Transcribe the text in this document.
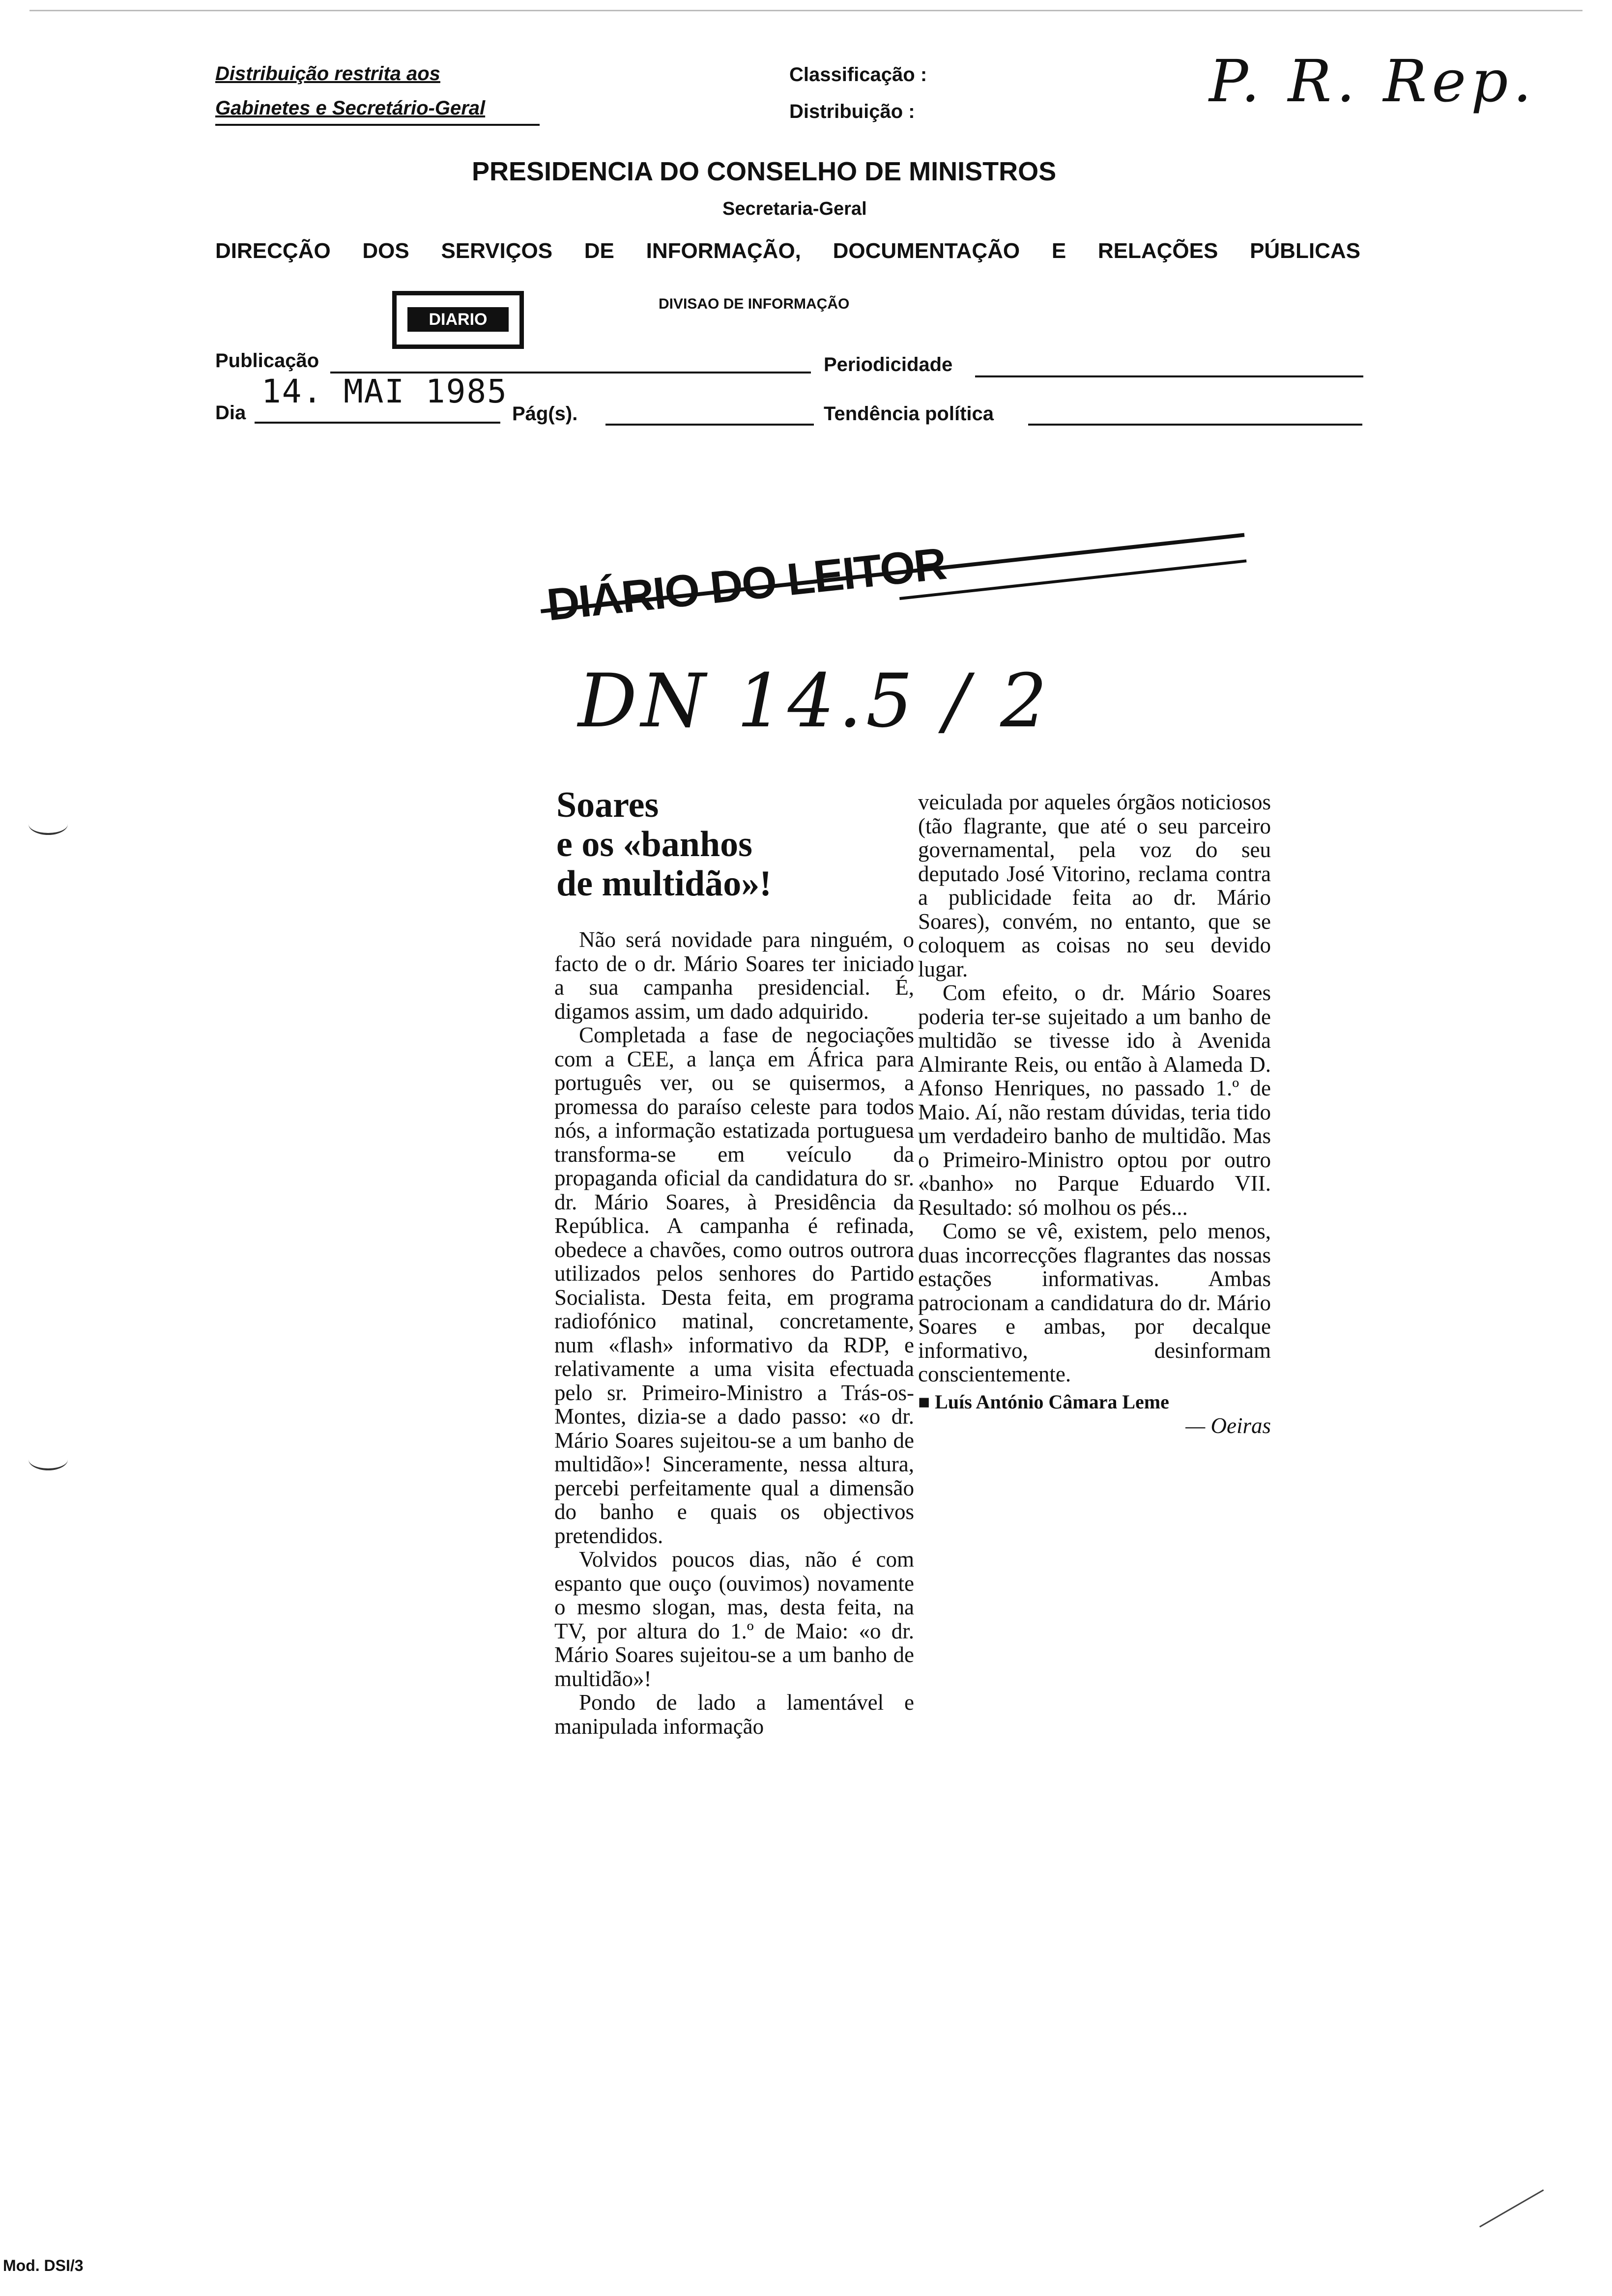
Distribuição restrita aos
Gabinetes e Secretário-Geral
Classificação :
Distribuição :	P. R. Rep.
PRESIDENCIA DO CONSELHO DE MINISTROS
Secretaria-Geral
DIRECÇÃO DOS SERVIÇOS DE INFORMAÇÃO, DOCUMENTAÇÃO E RELAÇÕES PÚBLICAS
DIVISAO DE INFORMAÇÃO
DIARIO
Publicação	Periodicidade
Dia
14. MAI 1985
Pág(s).	Tendência política
DIÁRIO DO LEITOR
DN 14.5 / 2
Soares
e os «banhos
de multidão»!

Não será novidade para ninguém, o facto de o dr. Mário Soares ter iniciado a sua campanha presidencial. É, digamos assim, um dado adquirido.

Completada a fase de negociações com a CEE, a lança em África para português ver, ou se quisermos, a promessa do paraíso celeste para todos nós, a informação estatizada portuguesa transforma-se em veículo da propaganda oficial da candidatura do sr. dr. Mário Soares, à Presidência da República. A campanha é refinada, obedece a chavões, como outros outrora utilizados pelos senhores do Partido Socialista. Desta feita, em programa radiofónico matinal, concretamente, num «flash» informativo da RDP, e relativamente a uma visita efectuada pelo sr. Primeiro-Ministro a Trás-os-Montes, dizia-se a dado passo: «o dr. Mário Soares sujeitou-se a um banho de multidão»! Sinceramente, nessa altura, percebi perfeitamente qual a dimensão do banho e quais os objectivos pretendidos.

Volvidos poucos dias, não é com espanto que ouço (ouvimos) novamente o mesmo slogan, mas, desta feita, na TV, por altura do 1.º de Maio: «o dr. Mário Soares sujeitou-se a um banho de multidão»!

Pondo de lado a lamentável e manipulada informação

veiculada por aqueles órgãos noticiosos (tão flagrante, que até o seu parceiro governamental, pela voz do seu deputado José Vitorino, reclama contra a publicidade feita ao dr. Mário Soares), convém, no entanto, que se coloquem as coisas no seu devido lugar.

Com efeito, o dr. Mário Soares poderia ter-se sujeitado a um banho de multidão se tivesse ido à Avenida Almirante Reis, ou então à Alameda D. Afonso Henriques, no passado 1.º de Maio. Aí, não restam dúvidas, teria tido um verdadeiro banho de multidão. Mas o Primeiro-Ministro optou por outro «banho» no Parque Eduardo VII. Resultado: só molhou os pés...

Como se vê, existem, pelo menos, duas incorrecções flagrantes das nossas estações informativas. Ambas patrocionam a candidatura do dr. Mário Soares e ambas, por decalque informativo, desinformam conscientemente.

■ Luís António Câmara Leme
— Oeiras
Mod. DSI/3
